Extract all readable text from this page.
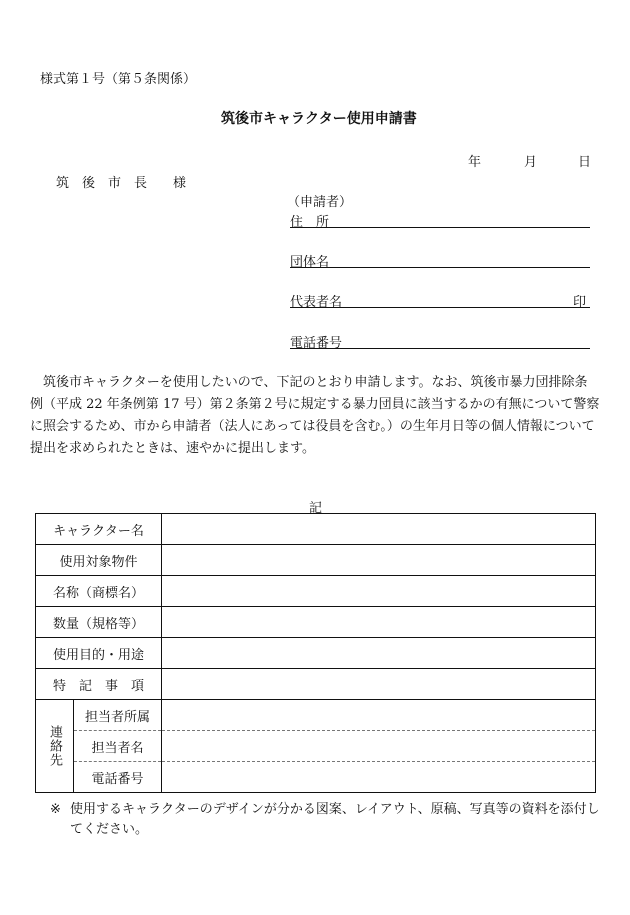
様式第１号（第５条関係）
筑後市キャラクター使用申請書
年	月	日
筑　後　市　長　　様
（申請者）
住　所
団体名
代表者名	印
電話番号
筑後市キャラクターを使用したいので、下記のとおり申請します。なお、筑後市暴力団排除条例（平成 22 年条例第 17 号）第２条第２号に規定する暴力団員に該当するかの有無について警察に照会するため、市から申請者（法人にあっては役員を含む。）の生年月日等の個人情報について提出を求められたときは、速やかに提出します。
記
キャラクター名		
使用対象物件		
名称（商標名）		
数量（規格等）		
使用目的・用途		
特　記　事　項		

連絡先	担当者所属	
	担当者名	
	電話番号	
※ 使用するキャラクターのデザインが分かる図案、レイアウト、原稿、写真等の資料を添付してください。
